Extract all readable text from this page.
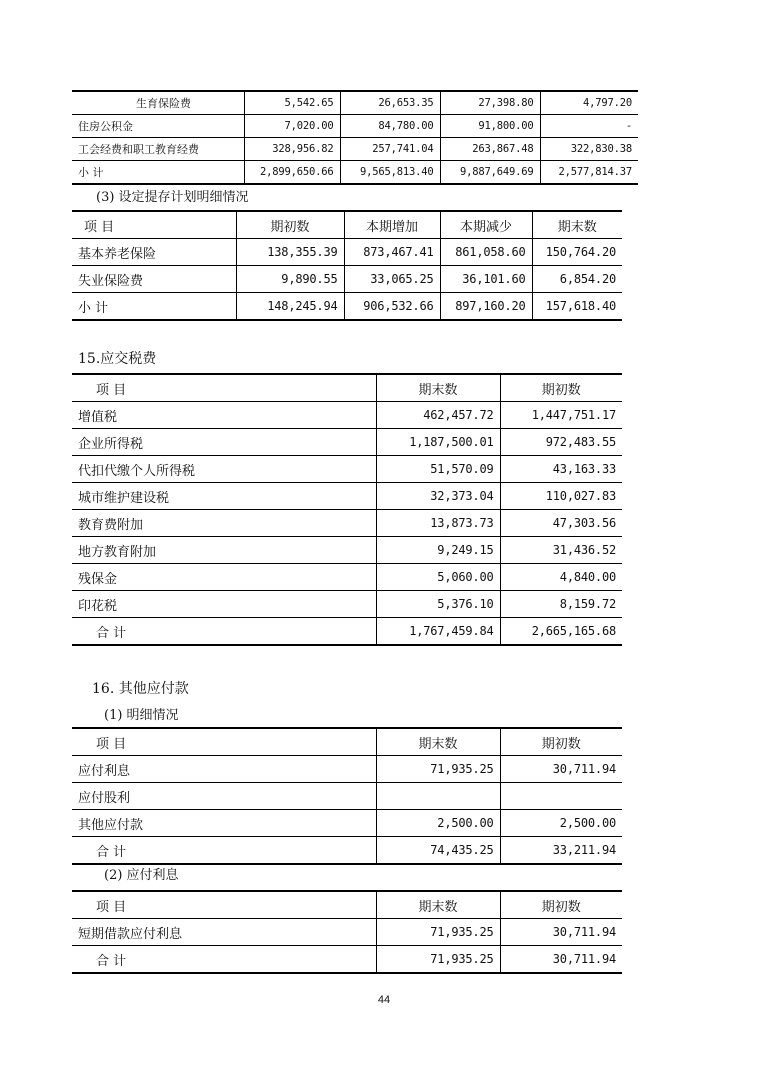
生育保险费	5,542.65	26,653.35	27,398.80	4,797.20
住房公积金	7,020.00	84,780.00	91,800.00	-
工会经费和职工教育经费	328,956.82	257,741.04	263,867.48	322,830.38
小 计	2,899,650.66	9,565,813.40	9,887,649.69	2,577,814.37
(3) 设定提存计划明细情况
项 目	期初数	本期增加	本期减少	期末数
基本养老保险	138,355.39	873,467.41	861,058.60	150,764.20
失业保险费	9,890.55	33,065.25	36,101.60	6,854.20
小 计	148,245.94	906,532.66	897,160.20	157,618.40
15.应交税费
项 目	期末数	期初数
增值税	462,457.72	1,447,751.17
企业所得税	1,187,500.01	972,483.55
代扣代缴个人所得税	51,570.09	43,163.33
城市维护建设税	32,373.04	110,027.83
教育费附加	13,873.73	47,303.56
地方教育附加	9,249.15	31,436.52
残保金	5,060.00	4,840.00
印花税	5,376.10	8,159.72
合 计	1,767,459.84	2,665,165.68
16. 其他应付款
(1) 明细情况
项 目	期末数	期初数
应付利息	71,935.25	30,711.94
应付股利		
其他应付款	2,500.00	2,500.00
合 计	74,435.25	33,211.94
(2) 应付利息
项 目	期末数	期初数
短期借款应付利息	71,935.25	30,711.94
合 计	71,935.25	30,711.94
44
